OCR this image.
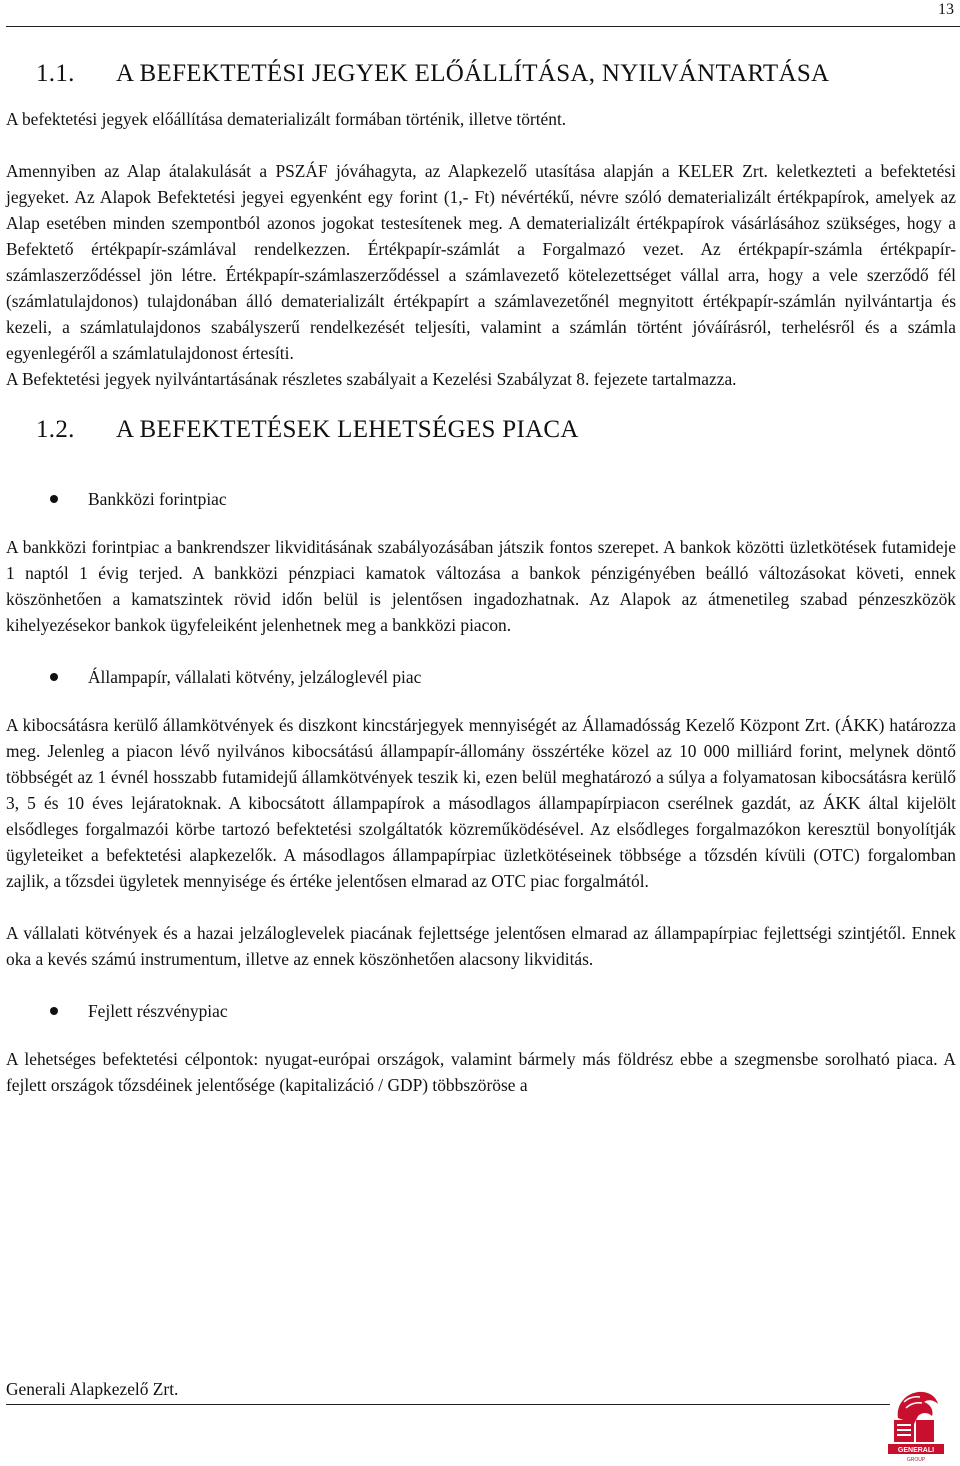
13
1.1.	A BEFEKTETÉSI JEGYEK ELŐÁLLÍTÁSA, NYILVÁNTARTÁSA

A befektetési jegyek előállítása dematerializált formában történik, illetve történt.

Amennyiben az Alap átalakulását a PSZÁF jóváhagyta, az Alapkezelő utasítása alapján a KELER Zrt. keletkezteti a befektetési jegyeket. Az Alapok Befektetési jegyei egyenként egy forint (1,- Ft) névértékű, névre szóló dematerializált értékpapírok, amelyek az Alap esetében minden szempontból azonos jogokat testesítenek meg. A dematerializált értékpapírok vásárlásához szükséges, hogy a Befektető értékpapír-számlával rendelkezzen. Értékpapír-számlát a Forgalmazó vezet. Az értékpapír-számla értékpapír-számlaszerződéssel jön létre. Értékpapír-számlaszerződéssel a számlavezető kötelezettséget vállal arra, hogy a vele szerződő fél (számlatulajdonos) tulajdonában álló dematerializált értékpapírt a számlavezetőnél megnyitott értékpapír-számlán nyilvántartja és kezeli, a számlatulajdonos szabályszerű rendelkezését teljesíti, valamint a számlán történt jóváírásról, terhelésről és a számla egyenlegéről a számlatulajdonost értesíti.

A Befektetési jegyek nyilvántartásának részletes szabályait a Kezelési Szabályzat 8. fejezete tartalmazza.

1.2.	A BEFEKTETÉSEK LEHETSÉGES PIACA
Bankközi forintpiac

A bankközi forintpiac a bankrendszer likviditásának szabályozásában játszik fontos szerepet. A bankok közötti üzletkötések futamideje 1 naptól 1 évig terjed. A bankközi pénzpiaci kamatok változása a bankok pénzigényében beálló változásokat követi, ennek köszönhetően a kamatszintek rövid időn belül is jelentősen ingadozhatnak. Az Alapok az átmenetileg szabad pénzeszközök kihelyezésekor bankok ügyfeleiként jelenhetnek meg a bankközi piacon.

Állampapír, vállalati kötvény, jelzáloglevél piac

A kibocsátásra kerülő államkötvények és diszkont kincstárjegyek mennyiségét az Államadósság Kezelő Központ Zrt. (ÁKK) határozza meg. Jelenleg a piacon lévő nyilvános kibocsátású állampapír-állomány összértéke közel az 10 000 milliárd forint, melynek döntő többségét az 1 évnél hosszabb futamidejű államkötvények teszik ki, ezen belül meghatározó a súlya a folyamatosan kibocsátásra kerülő 3, 5 és 10 éves lejáratoknak. A kibocsátott állampapírok a másodlagos állampapírpiacon cserélnek gazdát, az ÁKK által kijelölt elsődleges forgalmazói körbe tartozó befektetési szolgáltatók közreműködésével. Az elsődleges forgalmazókon keresztül bonyolítják ügyleteiket a befektetési alapkezelők. A másodlagos állampapírpiac üzletkötéseinek többsége a tőzsdén kívüli (OTC) forgalomban zajlik, a tőzsdei ügyletek mennyisége és értéke jelentősen elmarad az OTC piac forgalmától.

A vállalati kötvények és a hazai jelzáloglevelek piacának fejlettsége jelentősen elmarad az állampapírpiac fejlettségi szintjétől. Ennek oka a kevés számú instrumentum, illetve az ennek köszönhetően alacsony likviditás.

Fejlett részvénypiac

A lehetséges befektetési célpontok: nyugat-európai országok, valamint bármely más földrész ebbe a szegmensbe sorolható piaca. A fejlett országok tőzsdéinek jelentősége (kapitalizáció / GDP) többszöröse a

Generali Alapkezelő Zrt.
GENERALI
GROUP
